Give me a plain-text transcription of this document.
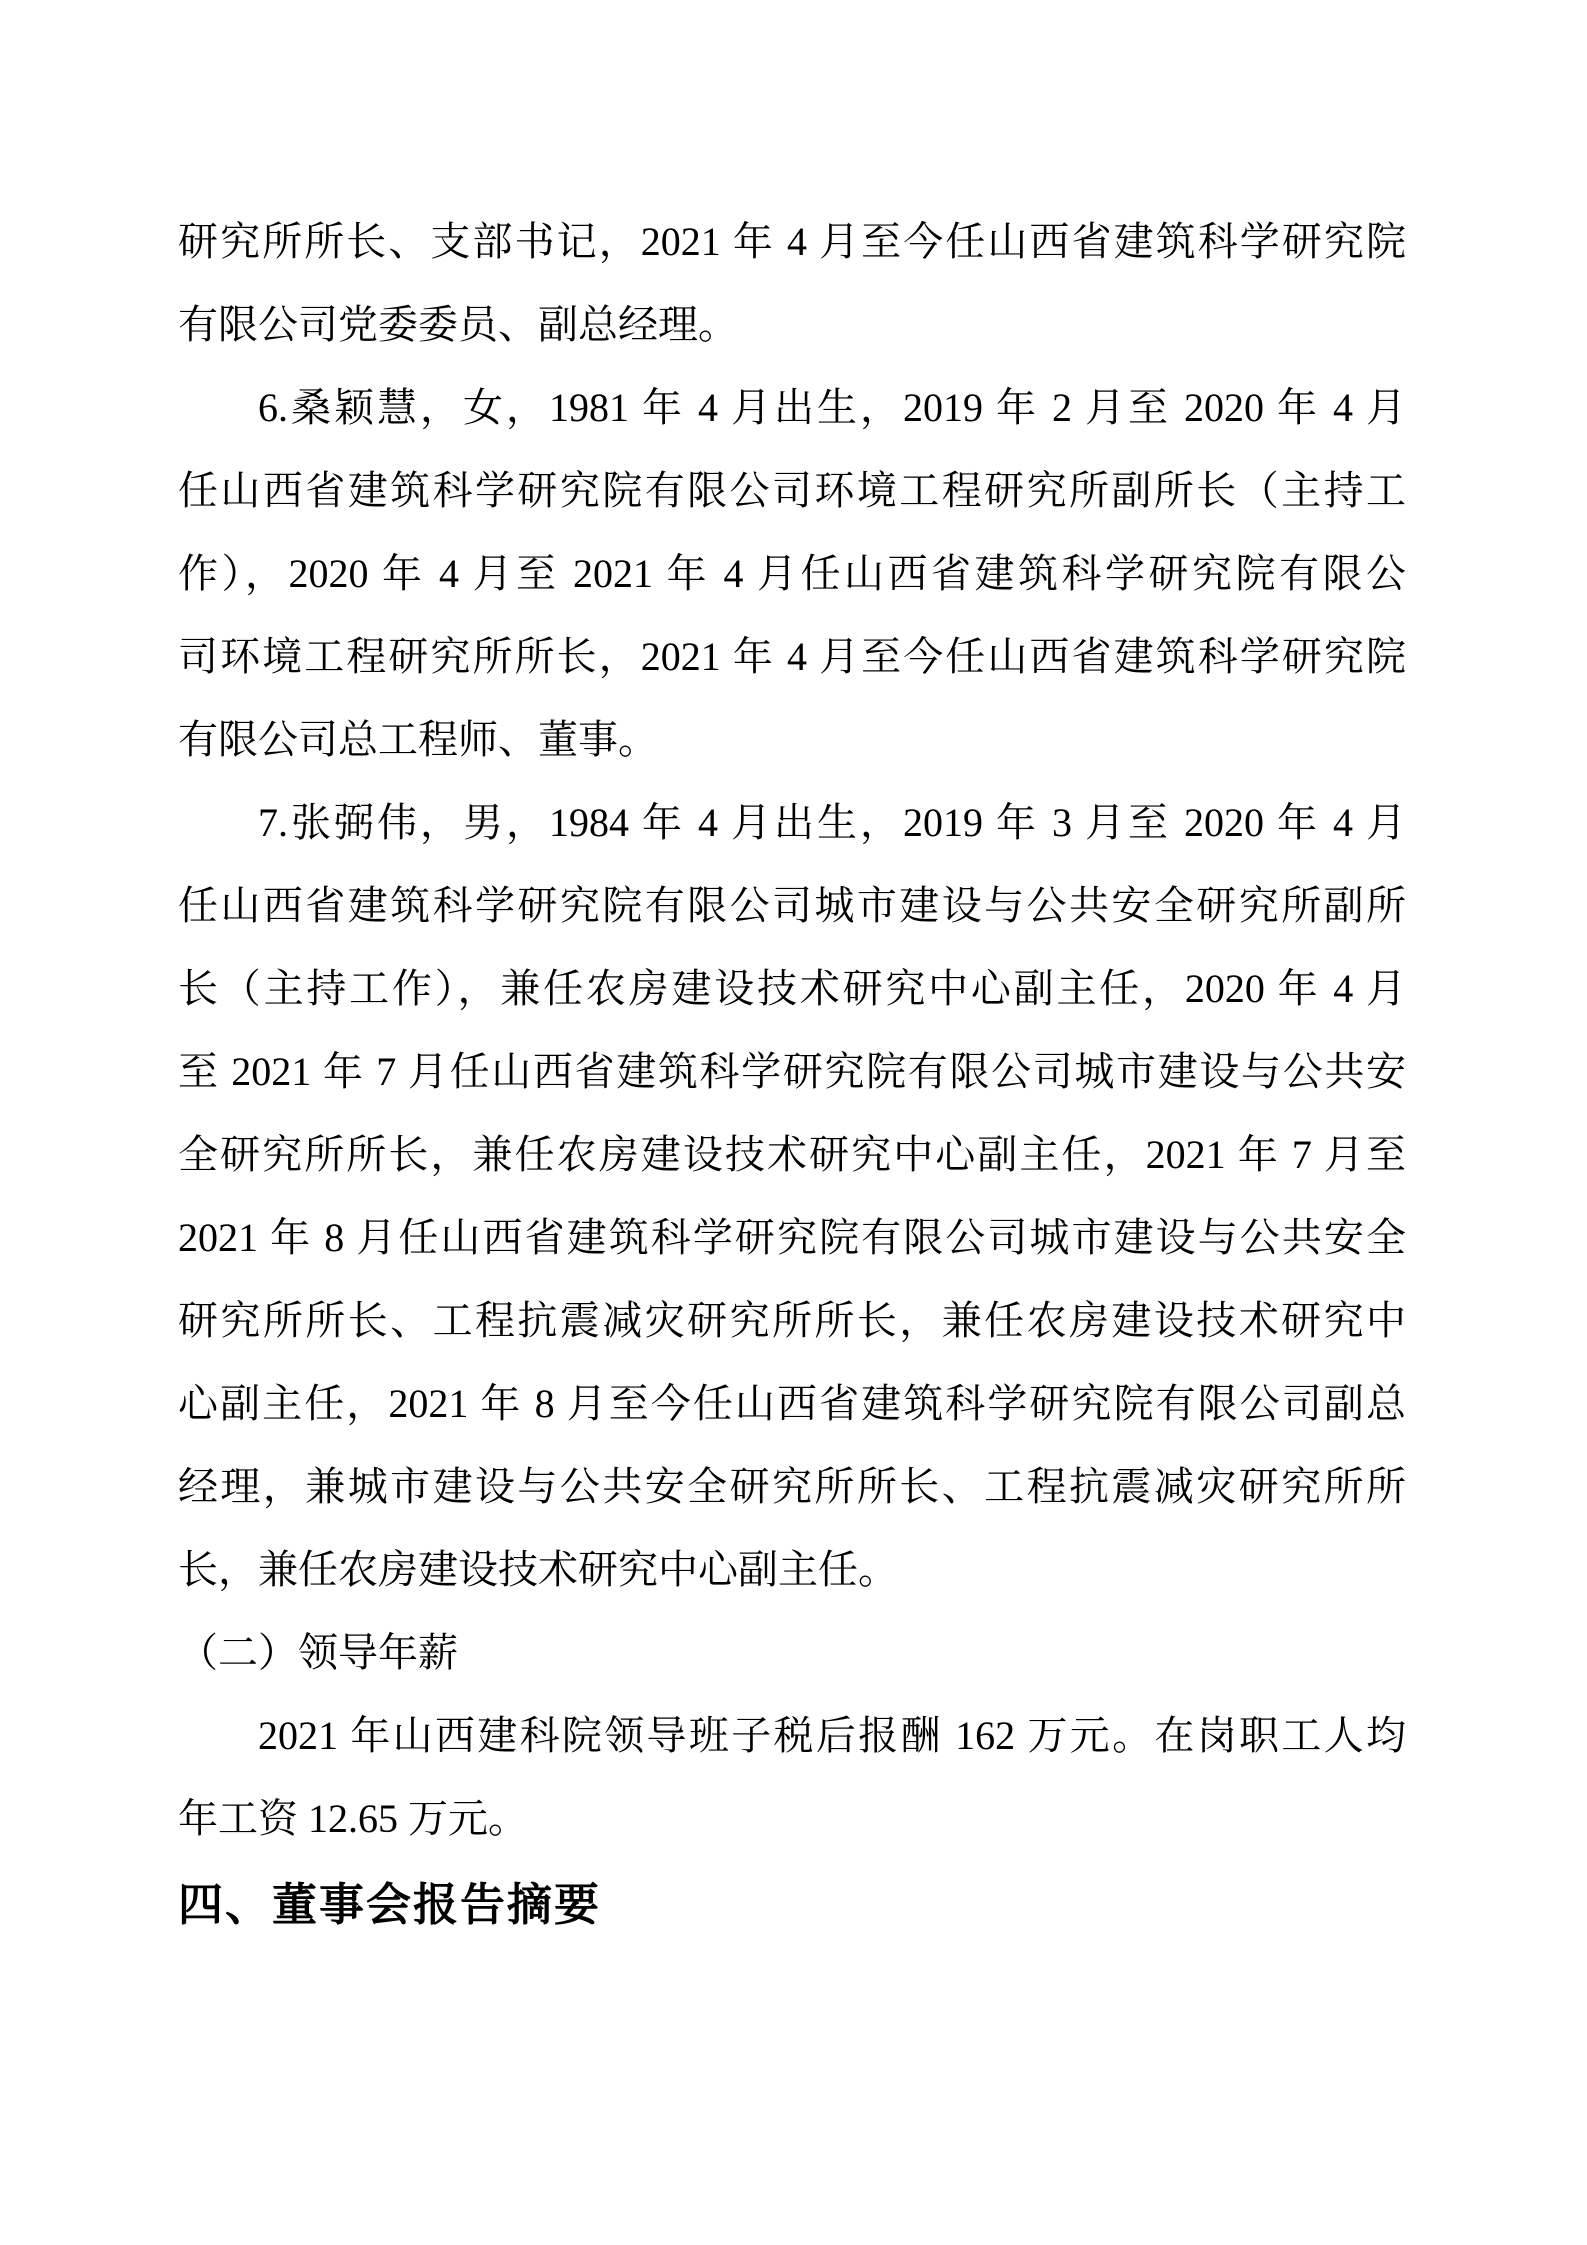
研究所所长、支部书记，2021 年 4 月至今任山西省建筑科学研究院
有限公司党委委员、副总经理。
6.桑颖慧，女，1981 年 4 月出生，2019 年 2 月至 2020 年 4 月
任山西省建筑科学研究院有限公司环境工程研究所副所长（主持工
作），2020 年 4 月至 2021 年 4 月任山西省建筑科学研究院有限公
司环境工程研究所所长，2021 年 4 月至今任山西省建筑科学研究院
有限公司总工程师、董事。
7.张弼伟，男，1984 年 4 月出生，2019 年 3 月至 2020 年 4 月
任山西省建筑科学研究院有限公司城市建设与公共安全研究所副所
长（主持工作），兼任农房建设技术研究中心副主任，2020 年 4 月
至 2021 年 7 月任山西省建筑科学研究院有限公司城市建设与公共安
全研究所所长，兼任农房建设技术研究中心副主任，2021 年 7 月至
2021 年 8 月任山西省建筑科学研究院有限公司城市建设与公共安全
研究所所长、工程抗震减灾研究所所长，兼任农房建设技术研究中
心副主任，2021 年 8 月至今任山西省建筑科学研究院有限公司副总
经理，兼城市建设与公共安全研究所所长、工程抗震减灾研究所所
长，兼任农房建设技术研究中心副主任。
（二）领导年薪
2021 年山西建科院领导班子税后报酬 162 万元。在岗职工人均
年工资 12.65 万元。
四、董事会报告摘要
